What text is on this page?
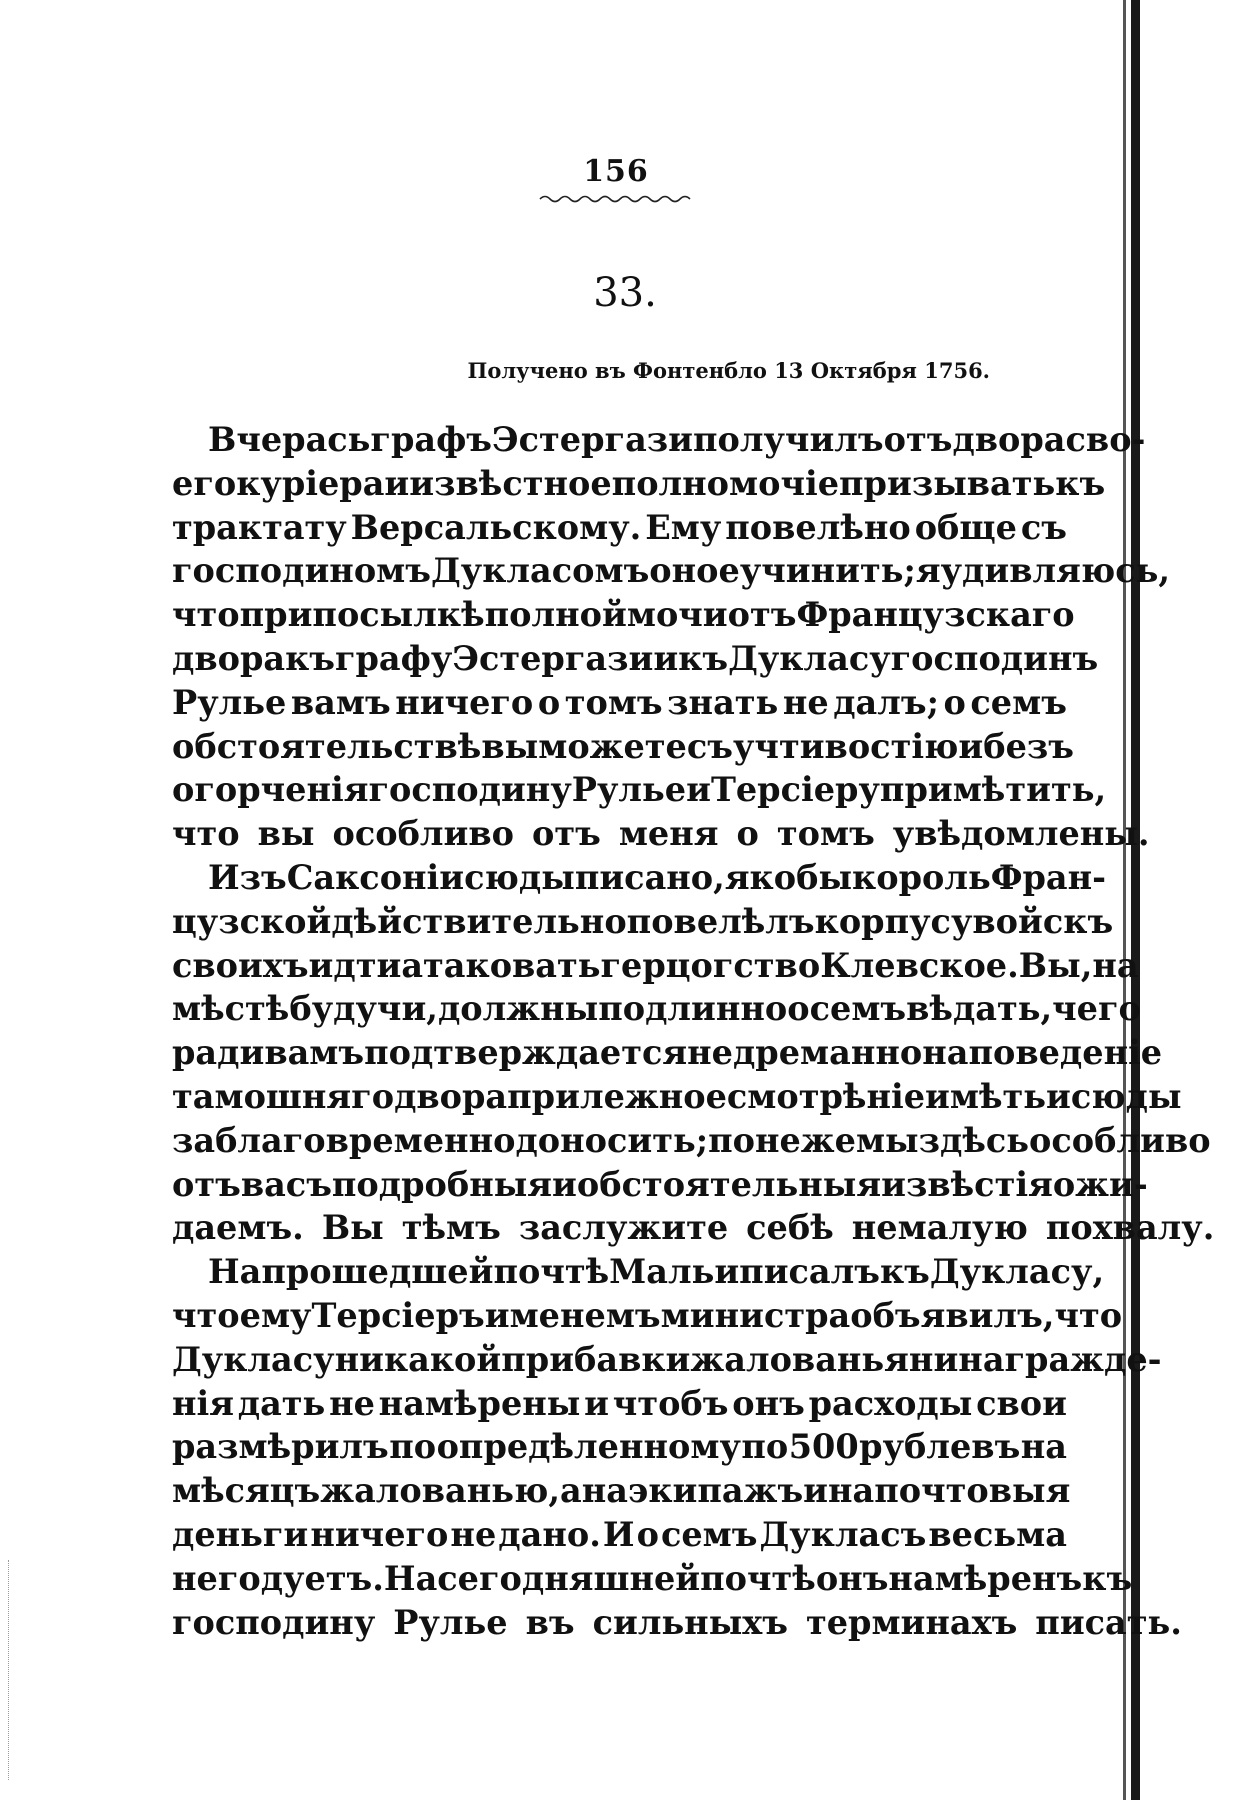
156
33.
Получено въ Фонтенбло 13 Октября 1756.
Вчерась графъ Эстергази получилъ отъ двора сво-
его куріера и извѣстное полномочіе призывать къ
трактату Версальскому. Ему повелѣно обще съ
господиномъ Дукласомъ оное учинить; я удивляюсь,
что при посылкѣ полной мочи отъ Французскаго
двора къ графу Эстергази и къ Дукласу господинъ
Рулье вамъ ничего о томъ знать не далъ; о семъ
обстоятельствѣ вы можете съ учтивостію и безъ
огорченія господину Рулье и Терсіеру примѣтить,
что вы особливо отъ меня о томъ увѣдомлены.
Изъ Саксоніи сюды писано, якобы король Фран-
цузской дѣйствительно повелѣлъ корпусу войскъ
своихъ идти атаковать герцогство Клевское. Вы, на
мѣстѣ будучи, должны подлинно о семъ вѣдать, чего
ради вамъ подтверждается недреманно на поведеніе
тамошняго двора прилежное смотрѣніе имѣть и сюды
заблаговременно доносить; понеже мы здѣсь особливо
отъ васъ подробныя и обстоятельныя извѣстія ожи-
даемъ. Вы тѣмъ заслужите себѣ немалую похвалу.
На прошедшей почтѣ Мальи писалъ къ Дукласу,
что ему Терсіеръ именемъ министра объявилъ, что
Дукласу никакой прибавки жалованья ни награжде-
нія дать не намѣрены и чтобъ онъ расходы свои
размѣрилъ по опредѣленному по 500 рублевъ на
мѣсяцъ жалованью, а на экипажъ и на почтовыя
деньги ничего не дано. И о семъ Дукласъ весьма
негодуетъ. На сегодняшней почтѣ онъ намѣренъ къ
господину Рулье въ сильныхъ терминахъ писать.
